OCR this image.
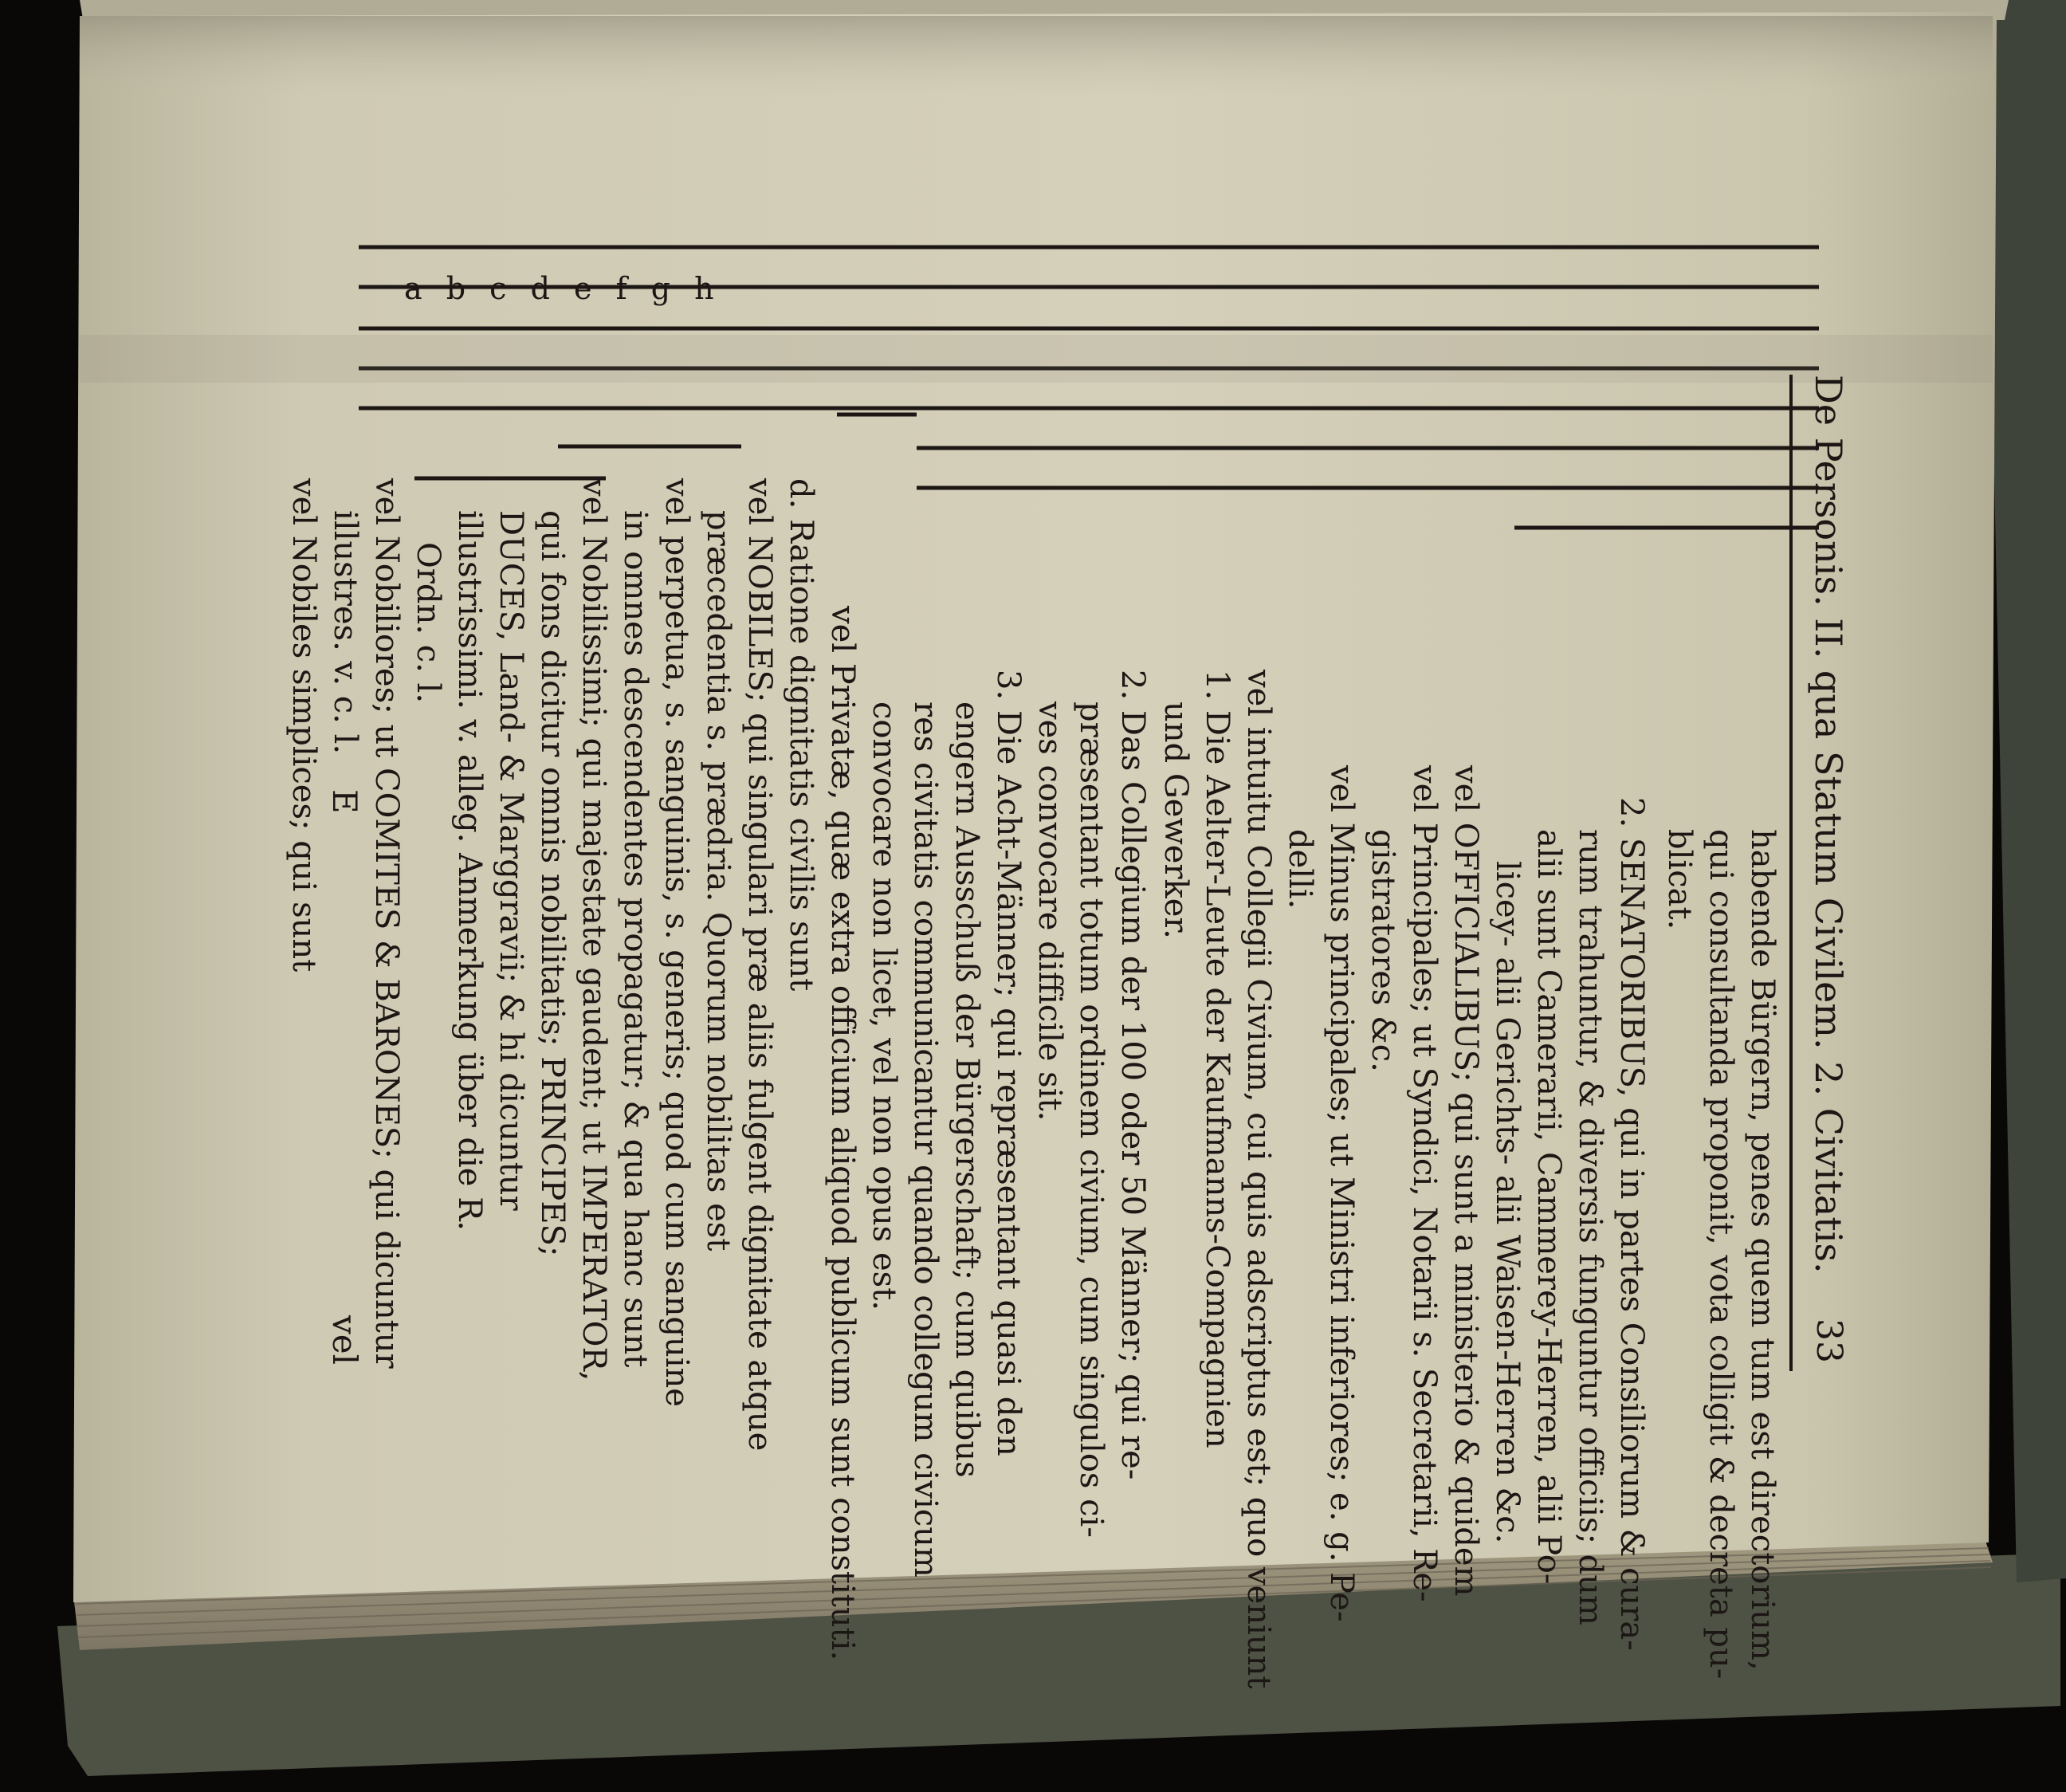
De Personis. II. qua Statum Civilem. 2. Civitatis.
33
a b c d e f g h
habende Bürgern, penes quem tum est directorium,
qui consultanda proponit, vota colligit & decreta pu-
blicat.
2. SENATORIBUS, qui in partes Consiliorum & cura-
rum trahuntur, & diversis funguntur officiis; dum
alii sunt Camerarii, Cammerey-Herren, alii Po-
licey- alii Gerichts- alii Waisen-Herren &c.
vel OFFICIALIBUS; qui sunt a ministerio & quidem
vel Principales; ut Syndici, Notarii s. Secretarii, Re-
gistratores &c.
vel Minus principales; ut Ministri inferiores; e. g. Pe-
delli.
vel intuitu Collegii Civium, cui quis adscriptus est; quo veniunt
1. Die Aelter-Leute der Kaufmanns-Compagnien
und Gewerker.
2. Das Collegium der 100 oder 50 Männer; qui re-
præsentant totum ordinem civium, cum singulos ci-
ves convocare difficile sit.
3. Die Acht-Männer; qui repræsentant quasi den
engern Ausschuß der Bürgerschaft; cum quibus
res civitatis communicantur quando collegum civicum
convocare non licet, vel non opus est.
vel Privatæ, quæ extra officium aliquod publicum sunt constituti.
d. Ratione dignitatis civilis sunt
vel NOBILES; qui singulari præ aliis fulgent dignitate atque
præcedentia s. prædria. Quorum nobilitas est
vel perpetua, s. sanguinis, s. generis; quod cum sanguine
in omnes descendentes propagatur; & qua hanc sunt
vel Nobilissimi; qui majestate gaudent; ut IMPERATOR,
qui fons dicitur omnis nobilitatis; PRINCIPES;
DUCES, Land- & Marggravii; & hi dicuntur
illustrissimi. v. alleg. Anmerkung über die R.
Ordn. c. l.
vel Nobiliores; ut COMITES & BARONES; qui dicuntur
illustres. v. c. l.
vel Nobiles simplices; qui sunt E
vel
